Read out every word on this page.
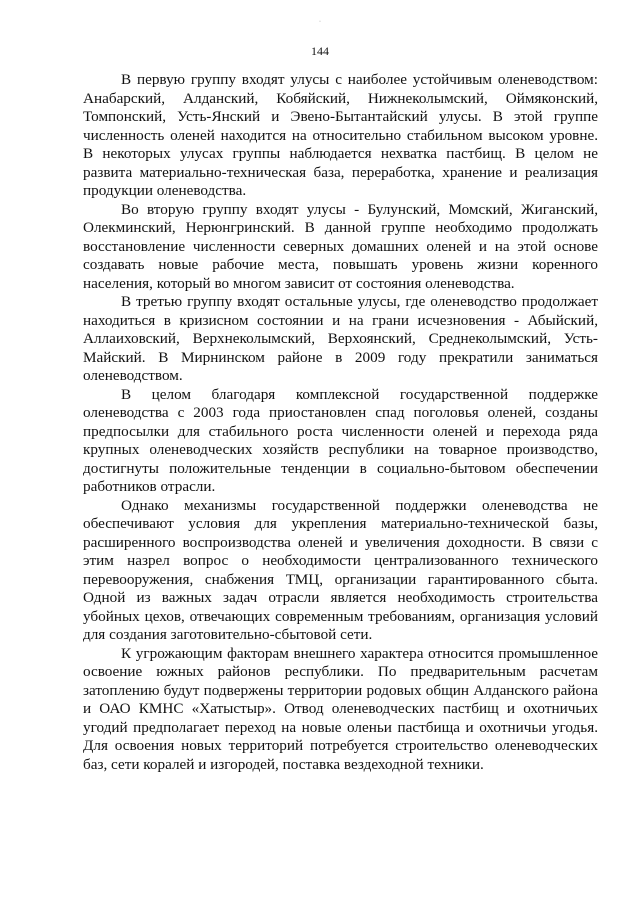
·
144

В первую группу входят улусы с наиболее устойчивым оленеводством: Анабарский, Алданский, Кобяйский, Нижнеколымский, Оймяконский, Томпонский, Усть-Янский и Эвено-Бытантайский улусы. В этой группе численность оленей находится на относительно стабильном высоком уровне. В некоторых улусах группы наблюдается нехватка пастбищ. В целом не развита материально-техническая база, переработка, хранение и реализация продукции оленеводства.

Во вторую группу входят улусы - Булунский, Момский, Жиганский, Олекминский, Нерюнгринский. В данной группе необходимо продолжать восстановление численности северных домашних оленей и на этой основе создавать новые рабочие места, повышать уровень жизни коренного населения, который во многом зависит от состояния оленеводства.

В третью группу входят остальные улусы, где оленеводство продолжает находиться в кризисном состоянии и на грани исчезновения - Абыйский, Аллаиховский, Верхнеколымский, Верхоянский, Среднеколымский, Усть-Майский. В Мирнинском районе в 2009 году прекратили заниматься оленеводством.

В целом благодаря комплексной государственной поддержке оленеводства с 2003 года приостановлен спад поголовья оленей, созданы предпосылки для стабильного роста численности оленей и перехода ряда крупных оленеводческих хозяйств республики на товарное производство, достигнуты положительные тенденции в социально-бытовом обеспечении работников отрасли.

Однако механизмы государственной поддержки оленеводства не обеспечивают условия для укрепления материально-технической базы, расширенного воспроизводства оленей и увеличения доходности. В связи с этим назрел вопрос о необходимости централизованного технического перевооружения, снабжения ТМЦ, организации гарантированного сбыта. Одной из важных задач отрасли является необходимость строительства убойных цехов, отвечающих современным требованиям, организация условий для создания заготовительно-сбытовой сети.

К угрожающим факторам внешнего характера относится промышленное освоение южных районов республики. По предварительным расчетам затоплению будут подвержены территории родовых общин Алданского района и ОАО КМНС «Хатыстыр». Отвод оленеводческих пастбищ и охотничьих угодий предполагает переход на новые оленьи пастбища и охотничьи угодья. Для освоения новых территорий потребуется строительство оленеводческих баз, сети коралей и изгородей, поставка вездеходной техники.
